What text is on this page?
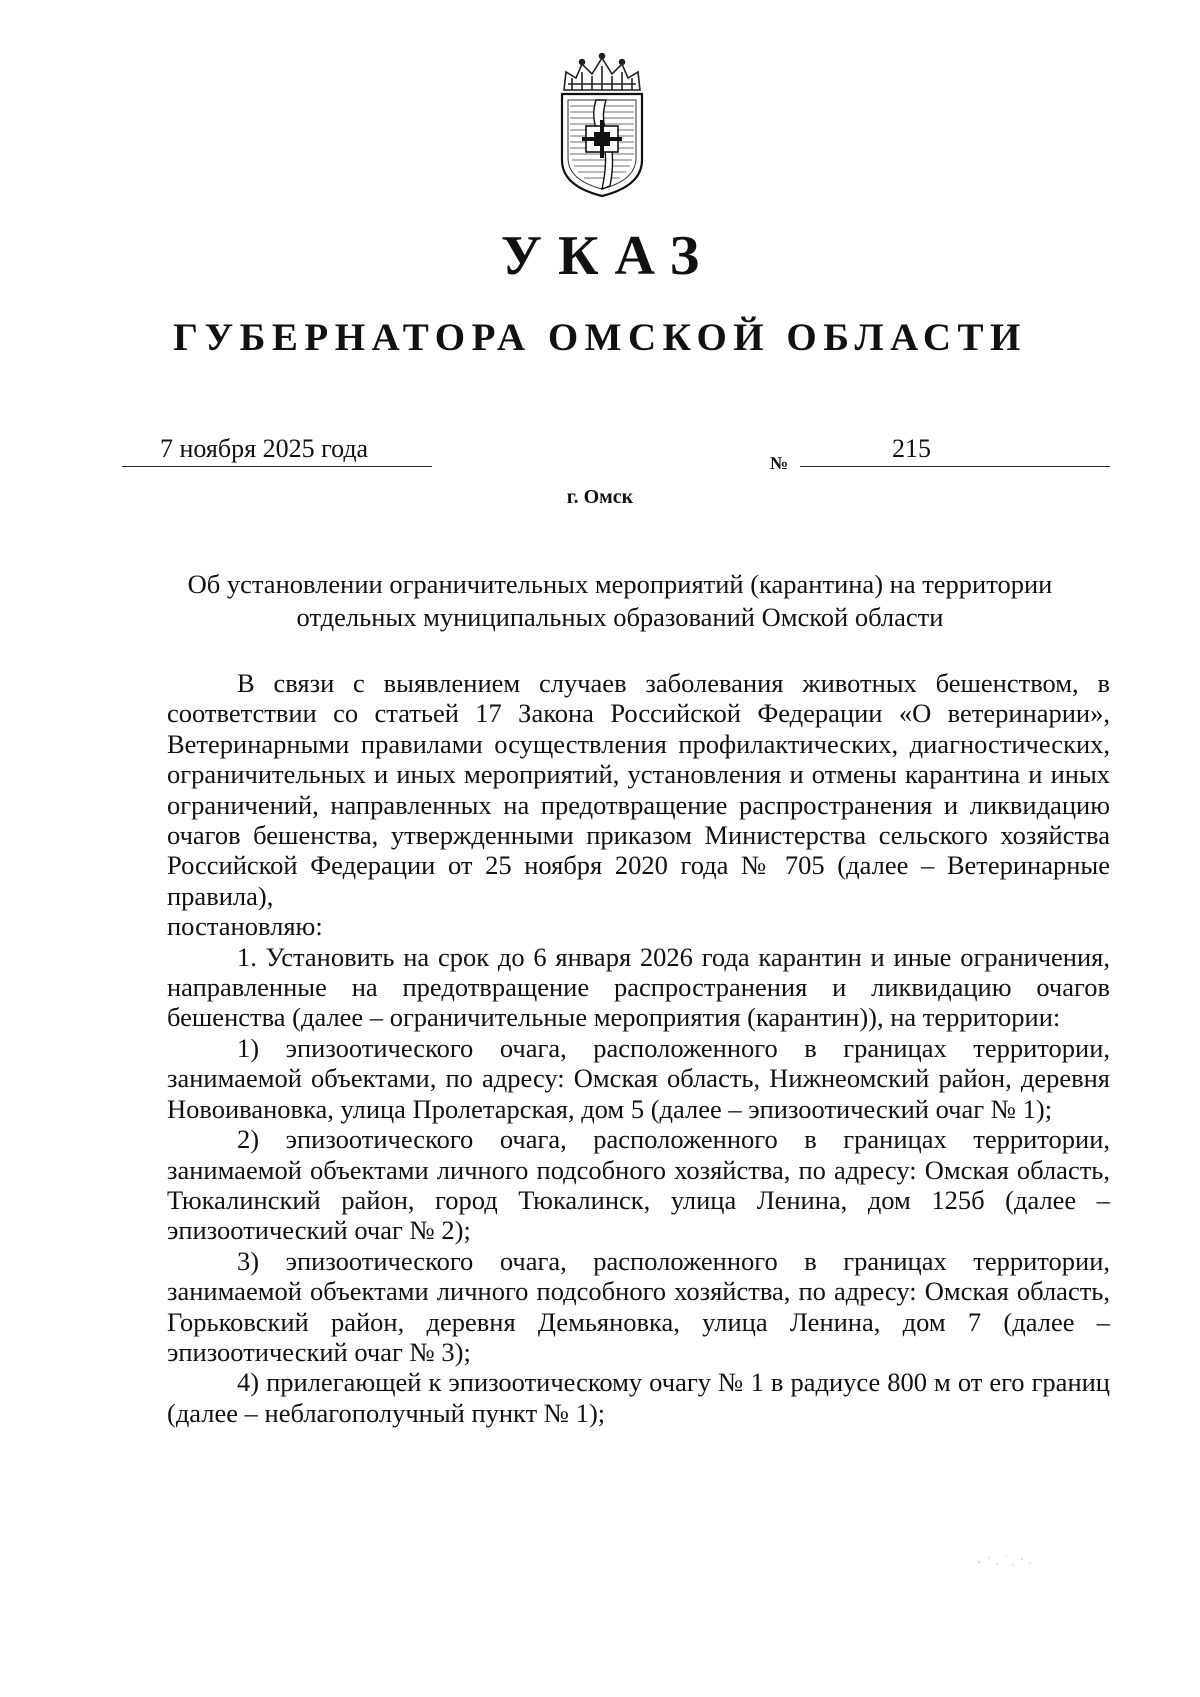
УКАЗ
ГУБЕРНАТОРА ОМСКОЙ ОБЛАСТИ
7 ноября 2025 года	№	215
г. Омск
Об установлении ограничительных мероприятий (карантина) на территории
отдельных муниципальных образований Омской области

В связи с выявлением случаев заболевания животных бешенством, в соответствии со статьей 17 Закона Российской Федерации «О ветеринарии», Ветеринарными правилами осуществления профилактических, диагностических, ограничительных и иных мероприятий, установления и отмены карантина и иных ограничений, направленных на предотвращение распространения и ликвидацию очагов бешенства, утвержденными приказом Министерства сельского хозяйства Российской Федерации от 25 ноября 2020 года № 705 (далее – Ветеринарные правила),

постановляю:

1. Установить на срок до 6 января 2026 года карантин и иные ограничения, направленные на предотвращение распространения и ликвидацию очагов бешенства (далее – ограничительные мероприятия (карантин)), на территории:

1) эпизоотического очага, расположенного в границах территории, занимаемой объектами, по адресу: Омская область, Нижнеомский район, деревня Новоивановка, улица Пролетарская, дом 5 (далее – эпизоотический очаг № 1);

2) эпизоотического очага, расположенного в границах территории, занимаемой объектами личного подсобного хозяйства, по адресу: Омская область, Тюкалинский район, город Тюкалинск, улица Ленина, дом 125б (далее – эпизоотический очаг № 2);

3) эпизоотического очага, расположенного в границах территории, занимаемой объектами личного подсобного хозяйства, по адресу: Омская область, Горьковский район, деревня Демьяновка, улица Ленина, дом 7 (далее – эпизоотический очаг № 3);

4) прилегающей к эпизоотическому очагу № 1 в радиусе 800 м от его границ (далее – неблагополучный пункт № 1);
